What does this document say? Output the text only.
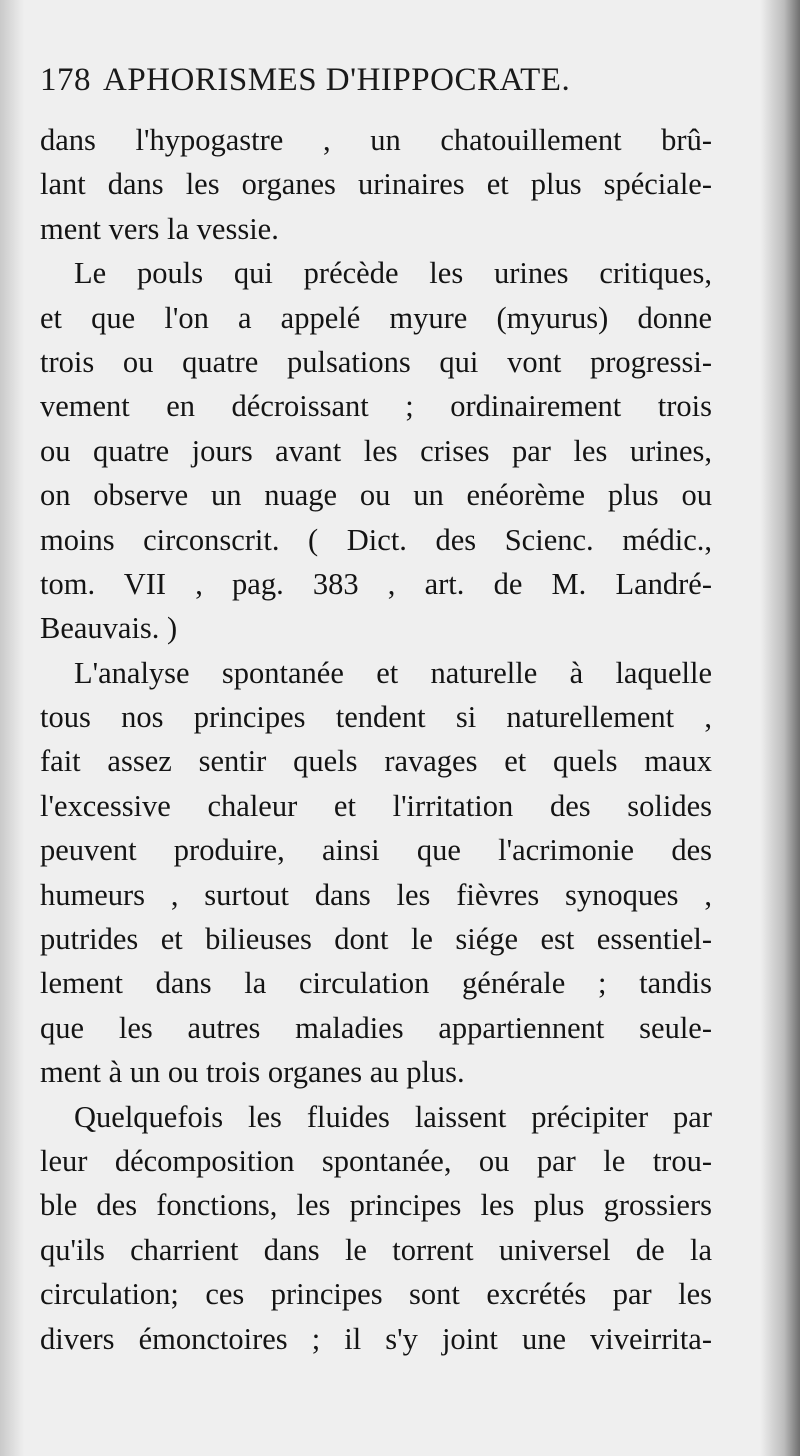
178 APHORISMES D'HIPPOCRATE.
dans l'hypogastre , un chatouillement brû-
lant dans les organes urinaires et plus spéciale-
ment vers la vessie.
Le pouls qui précède les urines critiques,
et que l'on a appelé myure (myurus) donne
trois ou quatre pulsations qui vont progressi-
vement en décroissant ; ordinairement trois
ou quatre jours avant les crises par les urines,
on observe un nuage ou un enéorème plus ou
moins circonscrit. ( Dict. des Scienc. médic.,
tom. VII , pag. 383 , art. de M. Landré-
Beauvais. )
L'analyse spontanée et naturelle à laquelle
tous nos principes tendent si naturellement ,
fait assez sentir quels ravages et quels maux
l'excessive chaleur et l'irritation des solides
peuvent produire, ainsi que l'acrimonie des
humeurs , surtout dans les fièvres synoques ,
putrides et bilieuses dont le siége est essentiel-
lement dans la circulation générale ; tandis
que les autres maladies appartiennent seule-
ment à un ou trois organes au plus.
Quelquefois les fluides laissent précipiter par
leur décomposition spontanée, ou par le trou-
ble des fonctions, les principes les plus grossiers
qu'ils charrient dans le torrent universel de la
circulation; ces principes sont excrétés par les
divers émonctoires ; il s'y joint une viveirrita-
